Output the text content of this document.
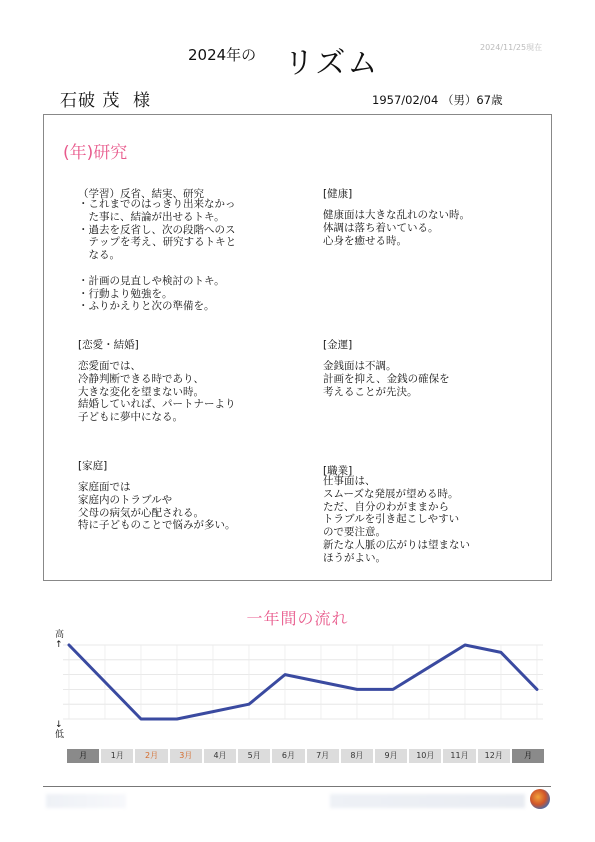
2024年の リズム	2024/11/25現在
石破 茂 様	1957/02/04 （男）67歳
(年)研究
（学習）反省、結実、研究
・これまでのはっきり出来なかっ
　た事に、結論が出せるトキ。
・過去を反省し、次の段階へのス
　テップを考え、研究するトキと
　なる。

・計画の見直しや検討のトキ。
・行動より勉強を。
・ふりかえりと次の準備を。
[健康]
健康面は大きな乱れのない時。
体調は落ち着いている。
心身を癒せる時。
[恋愛・結婚]
恋愛面では、
冷静判断できる時であり、
大きな変化を望まない時。
結婚していれば、パートナーより
子どもに夢中になる。
[金運]
金銭面は不調。
計画を抑え、金銭の確保を
考えることが先決。
[家庭]
家庭面では
家庭内のトラブルや
父母の病気が心配される。
特に子どものことで悩みが多い。
[職業]
仕事面は、
スムーズな発展が望める時。
ただ、自分のわがままから
トラブルを引き起こしやすい
ので要注意。
新たな人脈の広がりは望まない
ほうがよい。
一年間の流れ
高
↑
↓
低
月	1月	2月	3月	4月	5月	6月	7月	8月	9月	10月	11月	12月	月
